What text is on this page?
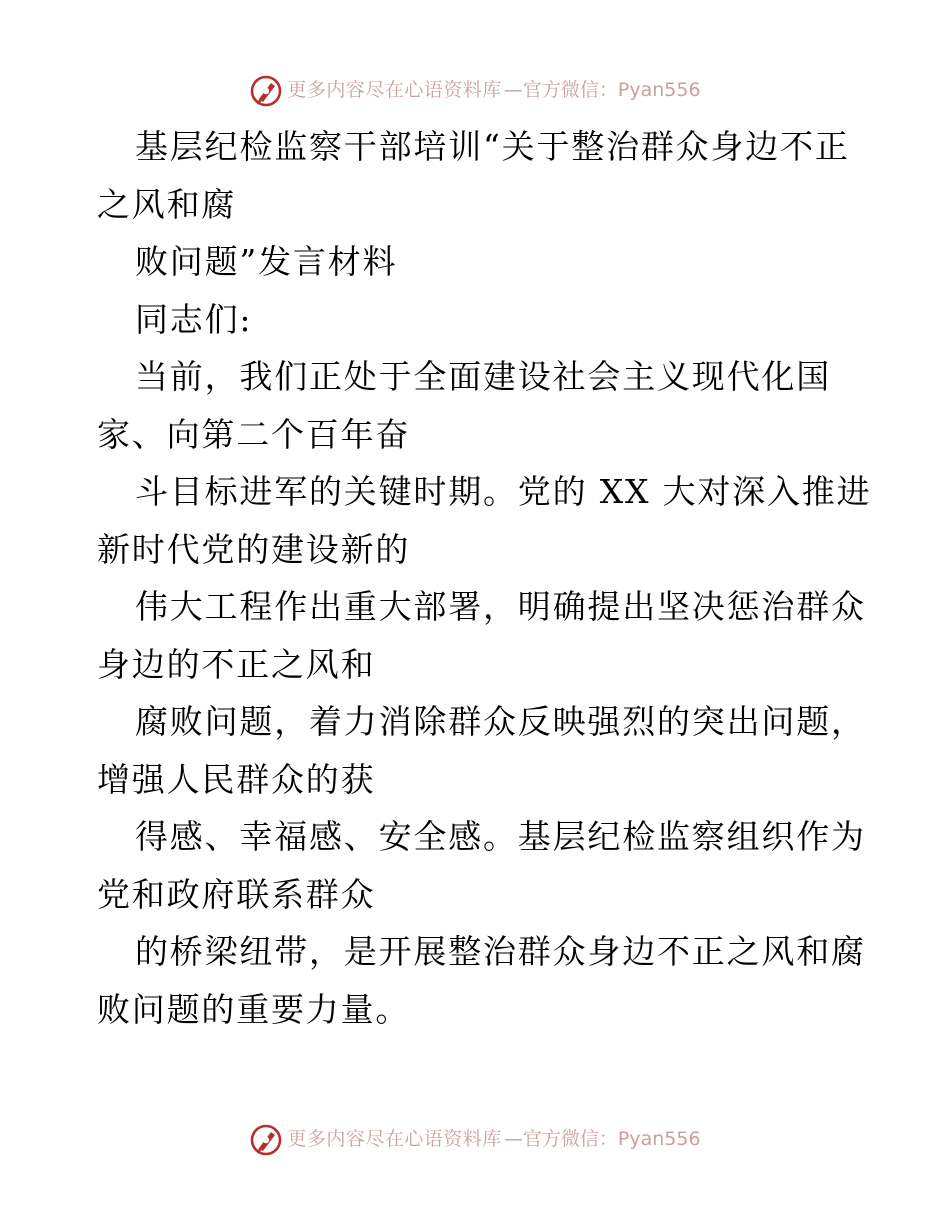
更多内容尽在心语资料库 —官方微信：Pyan556
基层纪检监察干部培训“关于整治群众身边不正
之风和腐
败问题”发言材料
同志们:
当前，我们正处于全面建设社会主义现代化国
家、向第二个百年奋
斗目标进军的关键时期。党的 XX 大对深入推进
新时代党的建设新的
伟大工程作出重大部署，明确提出坚决惩治群众
身边的不正之风和
腐败问题，着力消除群众反映强烈的突出问题，
增强人民群众的获
得感、幸福感、安全感。基层纪检监察组织作为
党和政府联系群众
的桥梁纽带，是开展整治群众身边不正之风和腐
败问题的重要力量。
更多内容尽在心语资料库 —官方微信：Pyan556
